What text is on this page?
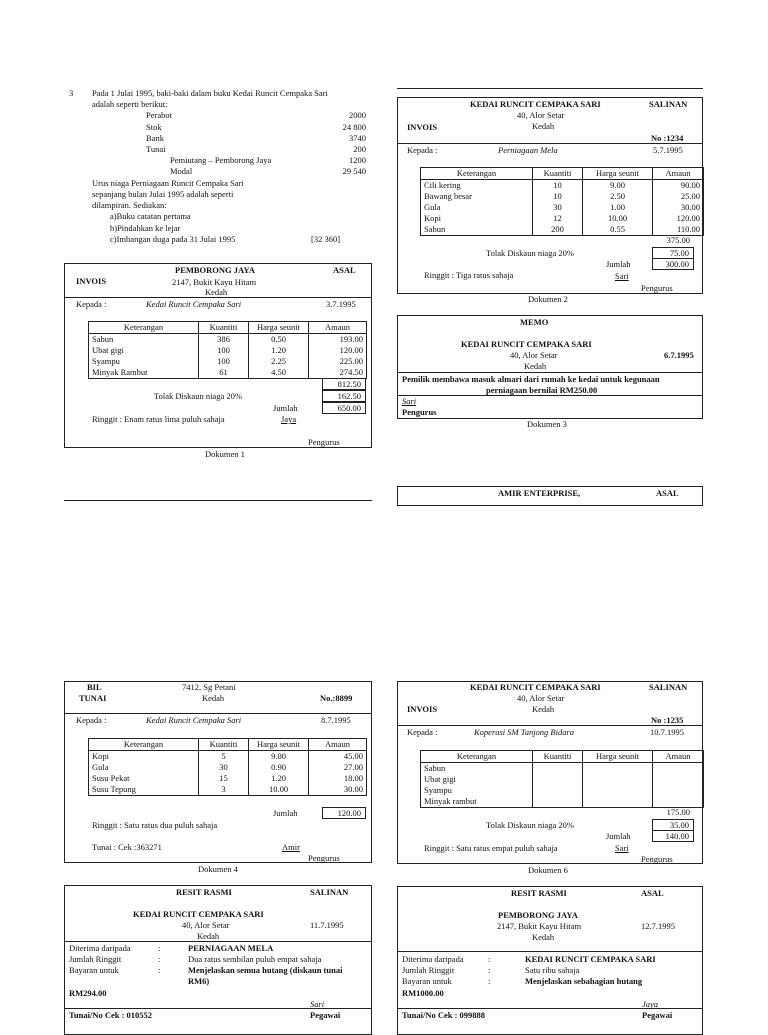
3 Pada 1 Julai 1995, baki-baki dalam buku Kedai Runcit Cempaka Sari
adalah seperti berikut:
Perabot	2000
Stok	24 800
Bank	3740
Tunai	200
Pemiutang – Pemborong Jaya	1200
Modal	29 540
Urus niaga Perniagaan Runcit Cempaka Sari
sepanjang bulan Julai 1995 adalah seperti
dilampiran. Sediakan:
a)Buku catatan pertama
b)Pindahkan ke lejar
c)Imbangan duga pada 31 Julai 1995	[32 360]
PEMBORONG JAYA	ASAL
INVOIS	2147, Bukit Kayu Hitam
Kedah
Kepada :	Kedai Runcit Cempaka Sari	3.7.1995
Keterangan	Kuantiti	Harga seunit	Amaun
Sabun	386	0.50	193.00
Ubat gigi	100	1.20	120.00
Syampu	100	2.25	225.00
Minyak Rambut	61	4.50	274.50
812.50
Tolak Diskaun niaga 20%	162.50
Jumlah	650.00
Ringgit : Enam ratus lima puluh sahaja	Jaya
Pengurus
Dokumen 1
KEDAI RUNCIT CEMPAKA SARI	SALINAN
40, Alor Setar
INVOIS	Kedah
No :1234
Kepada :	Perniagaan Mela	5.7.1995
Keterangan	Kuantiti	Harga seunit	Amaun
Cili kering	10	9.00	90.00
Bawang besar	10	2.50	25.00
Gula	30	1.00	30.00
Kopi	12	10.00	120.00
Sabun	200	0.55	110.00
375.00
Tolak Diskaun niaga 20%	75.00
Jumlah	300.00
Ringgit : Tiga ratus sahaja	Sari
Pengurus
Dokumen 2
MEMO
KEDAI RUNCIT CEMPAKA SARI
40, Alor Setar	6.7.1995
Kedah
Pemilik membawa masuk almari dari rumah ke kedai untuk kegunaan
perniagaan bernilai RM250.00
Sari
Pengurus
Dokumen 3
AMIR ENTERPRISE,	ASAL
BIL	7412, Sg Petani
TUNAI	Kedah	No.:8899
Kepada :	Kedai Runcit Cempaka Sari	8.7.1995
Keterangan	Kuantiti	Harga seunit	Amaun
Kopi	5	9.00	45.00
Gula	30	0.90	27.00
Susu Pekat	15	1.20	18.00
Susu Tepung	3	10.00	30.00
Jumlah	120.00
Ringgit : Satu ratus dua puluh sahaja
Tunai : Cek :363271	Amir
Pengurus
Dokumen 4
KEDAI RUNCIT CEMPAKA SARI	SALINAN
40, Alor Setar
INVOIS	Kedah
No :1235
Kepada :	Koperasi SM Tanjong Bidara	10.7.1995
Keterangan	Kuantiti	Harga seunit	Amaun
Sabun			
Ubat gigi			
Syampu			
Minyak rambut			
175.00
Tolak Diskaun niaga 20%	35.00
Jumlah	140.00
Ringgit : Satu ratus empat puluh sahaja	Sari
Pengurus
Dokumen 6
RESIT RASMI	SALINAN
KEDAI RUNCIT CEMPAKA SARI
40, Alor Setar	11.7.1995
Kedah
Diterima daripada	:	PERNIAGAAN MELA
Jumlah Ringgit	:	Dua ratus sembilan puluh empat sahaja
Bayaran untuk	:	Menjelaskan semua hutang (diskaun tunai
RM6)
RM294.00
Sari
Tunai/No Cek : 010552	Pegawai
RESIT RASMI	ASAL
PEMBORONG JAYA
2147, Bukit Kayu Hitam	12.7.1995
Kedah
Diterima daripada	:	KEDAI RUNCIT CEMPAKA SARI
Jumlah Ringgit	:	Satu ribu sahaja
Bayaran untuk	:	Menjelaskan sebahagian hutang
RM1000.00
Jaya
Tunai/No Cek : 099888	Pegawai
